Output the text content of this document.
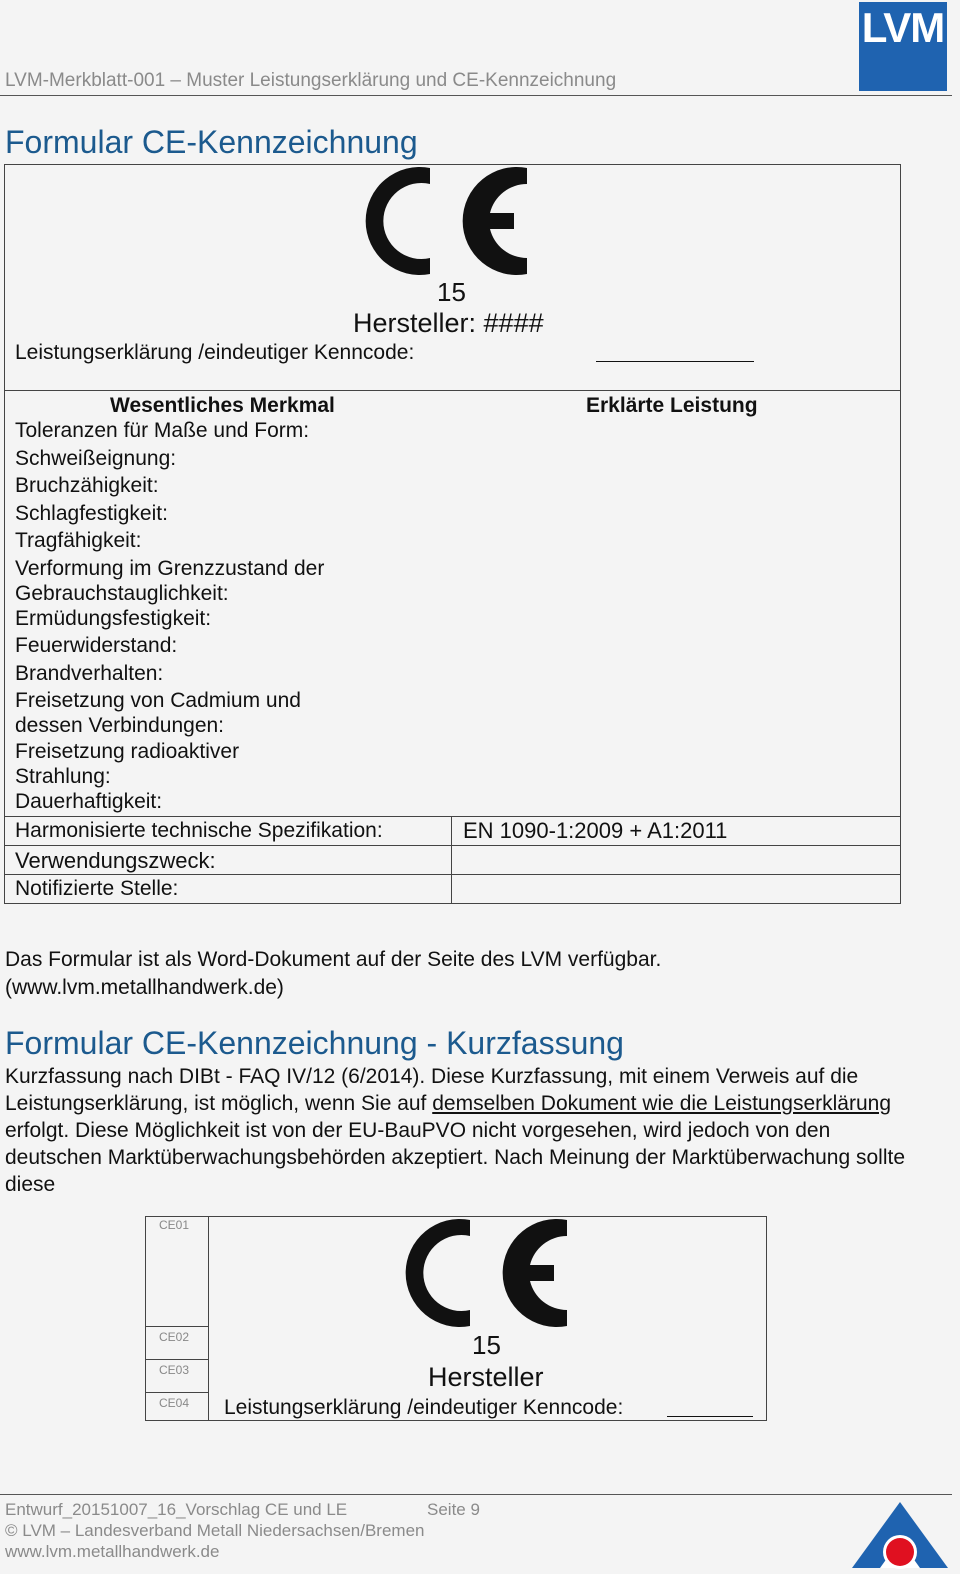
LVM-Merkblatt-001 – Muster Leistungserklärung und CE-Kennzeichnung
LVM
Formular CE-Kennzeichnung
15
Hersteller: ####
Leistungserklärung /eindeutiger Kenncode:
Wesentliches Merkmal	Erklärte Leistung
Toleranzen für Maße und Form:
Schweißeignung:
Bruchzähigkeit:
Schlagfestigkeit:
Tragfähigkeit:
Verformung im Grenzzustand der
Gebrauchstauglichkeit:
Ermüdungsfestigkeit:
Feuerwiderstand:
Brandverhalten:
Freisetzung von Cadmium und
dessen Verbindungen:
Freisetzung radioaktiver
Strahlung:
Dauerhaftigkeit:
Harmonisierte technische Spezifikation:	EN 1090-1:2009 + A1:2011
Verwendungszweck:
Notifizierte Stelle:
Das Formular ist als Word-Dokument auf der Seite des LVM verfügbar.
(www.lvm.metallhandwerk.de)
Formular CE-Kennzeichnung - Kurzfassung
Kurzfassung nach DIBt - FAQ IV/12 (6/2014). Diese Kurzfassung, mit einem Verweis auf die
Leistungserklärung, ist möglich, wenn Sie auf demselben Dokument wie die Leistungserklärung
erfolgt. Diese Möglichkeit ist von der EU-BauPVO nicht vorgesehen, wird jedoch von den
deutschen Marktüberwachungsbehörden akzeptiert. Nach Meinung der Marktüberwachung sollte
diese
CE01
CE02
CE03
CE04
15
Hersteller
Leistungserklärung /eindeutiger Kenncode:
Entwurf_20151007_16_Vorschlag CE und LE	Seite 9
© LVM – Landesverband Metall Niedersachsen/Bremen
www.lvm.metallhandwerk.de
